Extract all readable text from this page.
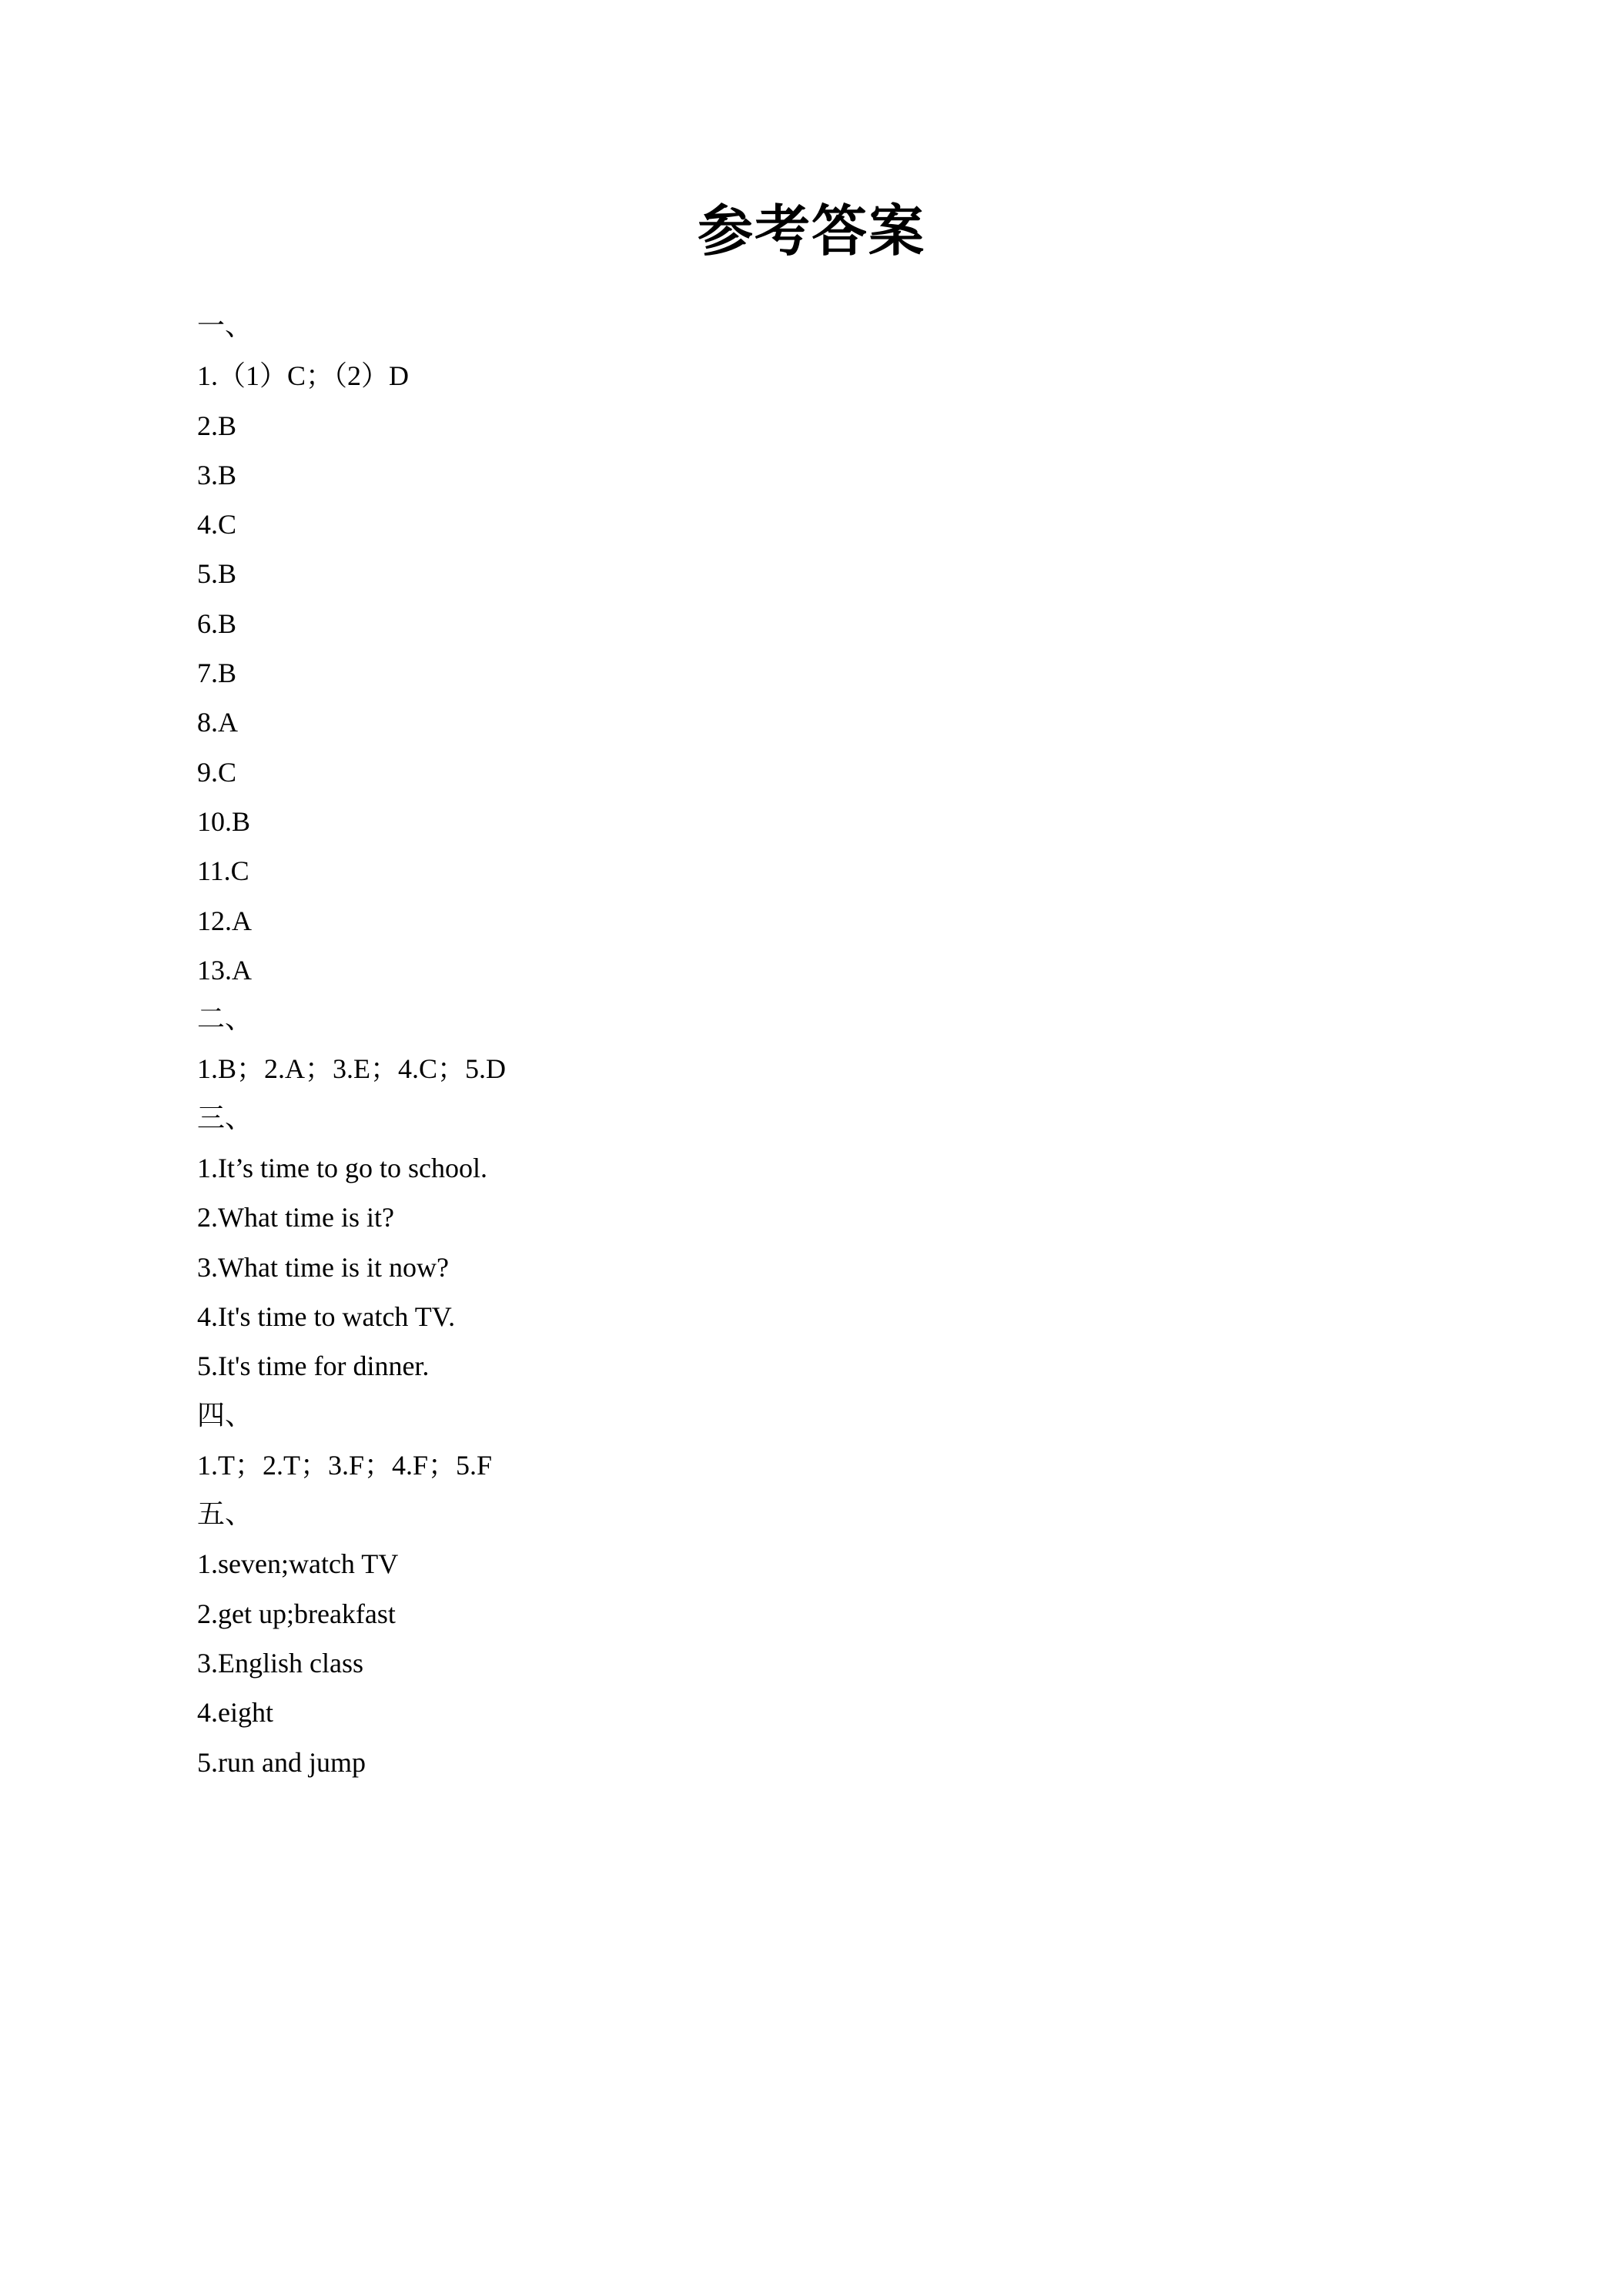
参考答案
一、
1.（1）C；（2）D
2.B
3.B
4.C
5.B
6.B
7.B
8.A
9.C
10.B
11.C
12.A
13.A
二、
1.B；2.A；3.E；4.C；5.D
三、
1.It’s time to go to school.
2.What time is it?
3.What time is it now?
4.It's time to watch TV.
5.It's time for dinner.
四、
1.T；2.T；3.F；4.F；5.F
五、
1.seven;watch TV
2.get up;breakfast
3.English class
4.eight
5.run and jump
